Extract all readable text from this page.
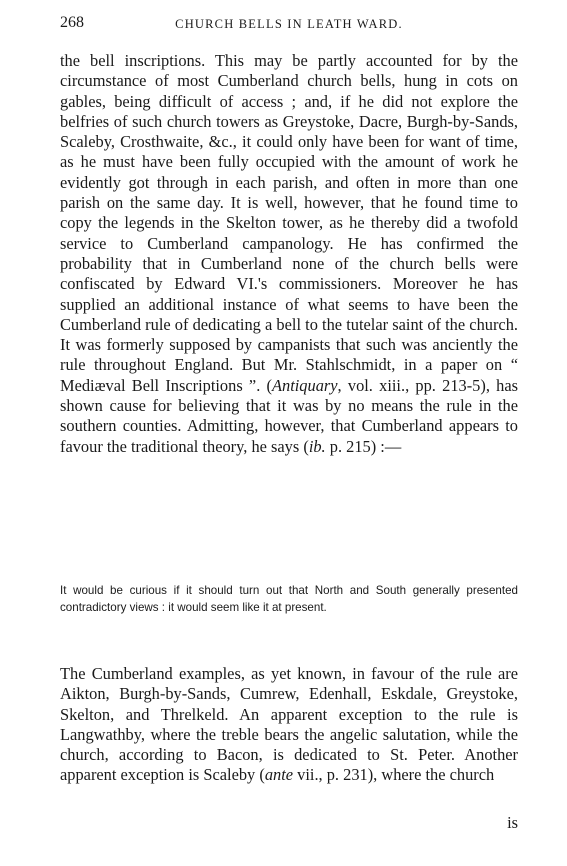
268	CHURCH BELLS IN LEATH WARD.

the bell inscriptions. This may be partly accounted for by the circumstance of most Cumberland church bells, hung in cots on gables, being difficult of access ; and, if he did not explore the belfries of such church towers as Greystoke, Dacre, Burgh-by-Sands, Scaleby, Crosthwaite, &c., it could only have been for want of time, as he must have been fully occupied with the amount of work he evidently got through in each parish, and often in more than one parish on the same day. It is well, however, that he found time to copy the legends in the Skelton tower, as he thereby did a twofold service to Cumberland campanology. He has confirmed the probability that in Cumberland none of the church bells were confiscated by Edward VI.'s commissioners. Moreover he has supplied an additional instance of what seems to have been the Cumberland rule of dedicating a bell to the tutelar saint of the church. It was formerly supposed by campanists that such was anciently the rule throughout England. But Mr. Stahlschmidt, in a paper on “ Mediæval Bell Inscriptions ”. (Antiquary, vol. xiii., pp. 213-5), has shown cause for believing that it was by no means the rule in the southern counties. Admitting, however, that Cumberland appears to favour the traditional theory, he says (ib. p. 215) :—

It would be curious if it should turn out that North and South generally presented contradictory views : it would seem like it at present.

The Cumberland examples, as yet known, in favour of the rule are Aikton, Burgh-by-Sands, Cumrew, Edenhall, Eskdale, Greystoke, Skelton, and Threlkeld. An apparent exception to the rule is Langwathby, where the treble bears the angelic salutation, while the church, according to Bacon, is dedicated to St. Peter. Another apparent exception is Scaleby (ante vii., p. 231), where the church

is
